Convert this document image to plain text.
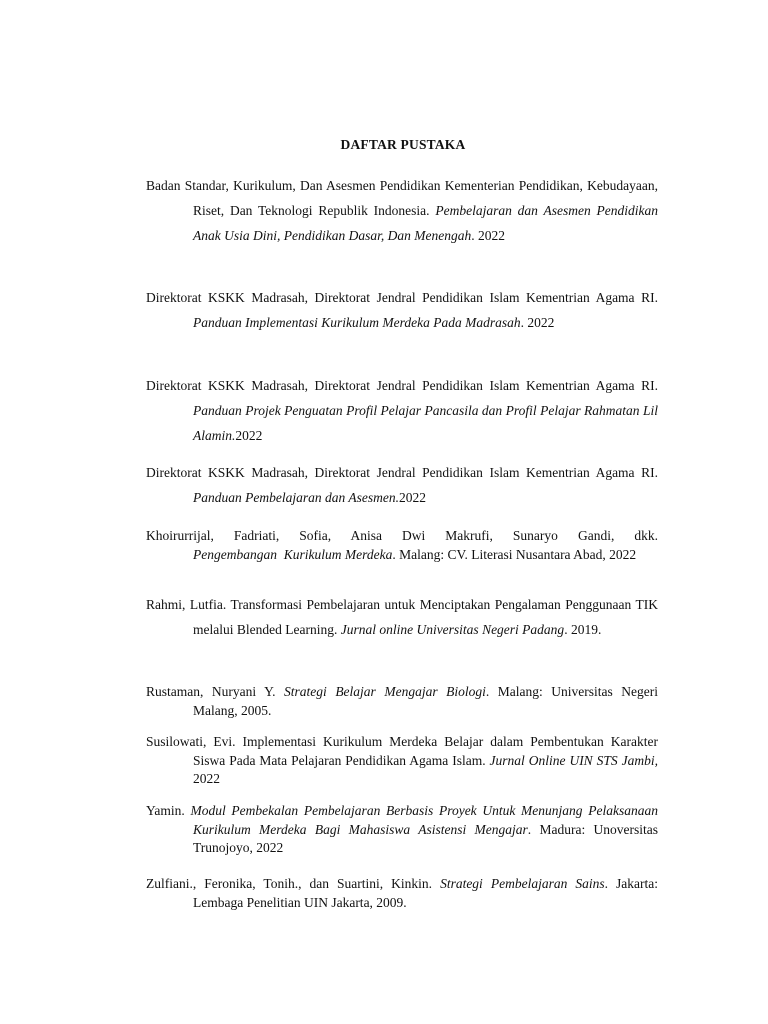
DAFTAR PUSTAKA
Badan Standar, Kurikulum, Dan Asesmen Pendidikan Kementerian Pendidikan, Kebudayaan, Riset, Dan Teknologi Republik Indonesia. Pembelajaran dan Asesmen Pendidikan Anak Usia Dini, Pendidikan Dasar, Dan Menengah. 2022
Direktorat KSKK Madrasah, Direktorat Jendral Pendidikan Islam Kementrian Agama RI. Panduan Implementasi Kurikulum Merdeka Pada Madrasah. 2022
Direktorat KSKK Madrasah, Direktorat Jendral Pendidikan Islam Kementrian Agama RI. Panduan Projek Penguatan Profil Pelajar Pancasila dan Profil Pelajar Rahmatan Lil Alamin.2022
Direktorat KSKK Madrasah, Direktorat Jendral Pendidikan Islam Kementrian Agama RI. Panduan Pembelajaran dan Asesmen.2022
Khoirurrijal, Fadriati, Sofia, Anisa Dwi Makrufi, Sunaryo Gandi, dkk. Pengembangan  Kurikulum Merdeka. Malang: CV. Literasi Nusantara Abad, 2022
Rahmi, Lutfia. Transformasi Pembelajaran untuk Menciptakan Pengalaman Penggunaan TIK melalui Blended Learning. Jurnal online Universitas Negeri Padang. 2019.
Rustaman, Nuryani Y. Strategi Belajar Mengajar Biologi. Malang: Universitas Negeri Malang, 2005.
Susilowati, Evi. Implementasi Kurikulum Merdeka Belajar dalam Pembentukan Karakter Siswa Pada Mata Pelajaran Pendidikan Agama Islam. Jurnal Online UIN STS Jambi, 2022
Yamin. Modul Pembekalan Pembelajaran Berbasis Proyek Untuk Menunjang Pelaksanaan Kurikulum Merdeka Bagi Mahasiswa Asistensi Mengajar. Madura: Unoversitas Trunojoyo, 2022
Zulfiani., Feronika, Tonih., dan Suartini, Kinkin. Strategi Pembelajaran Sains. Jakarta: Lembaga Penelitian UIN Jakarta, 2009.
